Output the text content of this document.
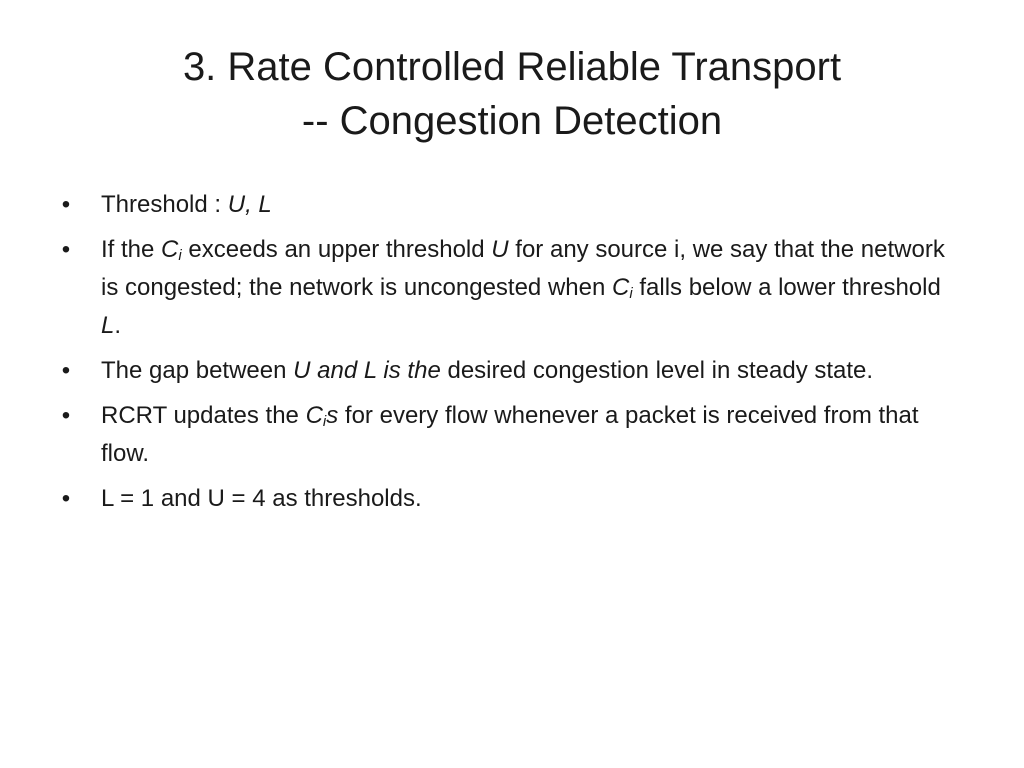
3. Rate Controlled Reliable Transport
-- Congestion Detection
• Threshold : U, L
• If the $C_i$ exceeds an upper threshold U for any source i, we say that the network is congested; the network is uncongested when $C_i$ falls below a lower threshold L.
• The gap between U and L is the desired congestion level in steady state.
• RCRT updates the $C_is$ for every flow whenever a packet is received from that flow.
• L = 1 and U = 4 as thresholds.
